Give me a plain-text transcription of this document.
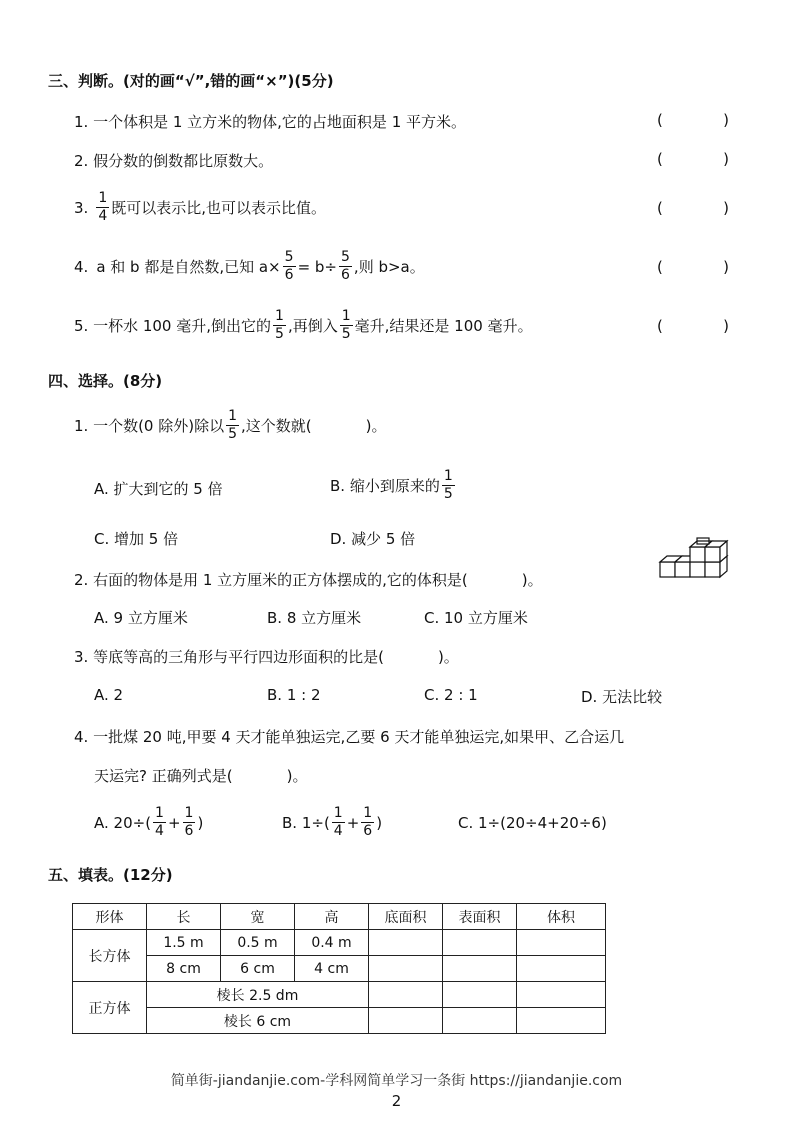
三、判断。(对的画“√”,错的画“×”)(5分)
1. 一个体积是 1 立方米的物体,它的占地面积是 1 平方米。	(	)
2. 假分数的倒数都比原数大。	(	)
3. $\frac{1}{4}$ 既可以表示比,也可以表示比值。	(	)
4. a 和 b 都是自然数,已知 $a\times \frac{5}{6} = b\div \frac{5}{6}$ ,则 b>a。	(	)
5. 一杯水 100 毫升,倒出它的 $\frac{1}{5}$ ,再倒入 $\frac{1}{5}$ 毫升,结果还是 100 毫升。	(	)
四、选择。(8分)
1. 一个数(0 除外)除以 $\frac{1}{5}$ ,这个数就(	)。
A. 扩大到它的 5 倍	B. 缩小到原来的 $\frac{1}{5}$
C. 增加 5 倍	D. 减少 5 倍
2. 右面的物体是用 1 立方厘米的正方体摆成的,它的体积是(	)。
A. 9 立方厘米	B. 8 立方厘米	C. 10 立方厘米
3. 等底等高的三角形与平行四边形面积的比是(	)。
A. 2	B. 1 : 2	C. 2 : 1	D. 无法比较
4. 一批煤 20 吨,甲要 4 天才能单独运完,乙要 6 天才能单独运完,如果甲、乙合运几
天运完? 正确列式是(	)。
A. $20\div( \frac{1}{4} + \frac{1}{6}$ )	B. $1\div( \frac{1}{4} + \frac{1}{6}$ )	C. 1÷(20÷4+20÷6)
五、填表。(12分)
形体	长	宽	高	底面积	表面积	体积
长方体	1.5 m	0.5 m	0.4 m			
	8 cm	6 cm	4 cm			
正方体	棱长 2.5 dm					
	棱长 6 cm					
简单街-jiandanjie.com-学科网简单学习一条街 https://jiandanjie.com
2
